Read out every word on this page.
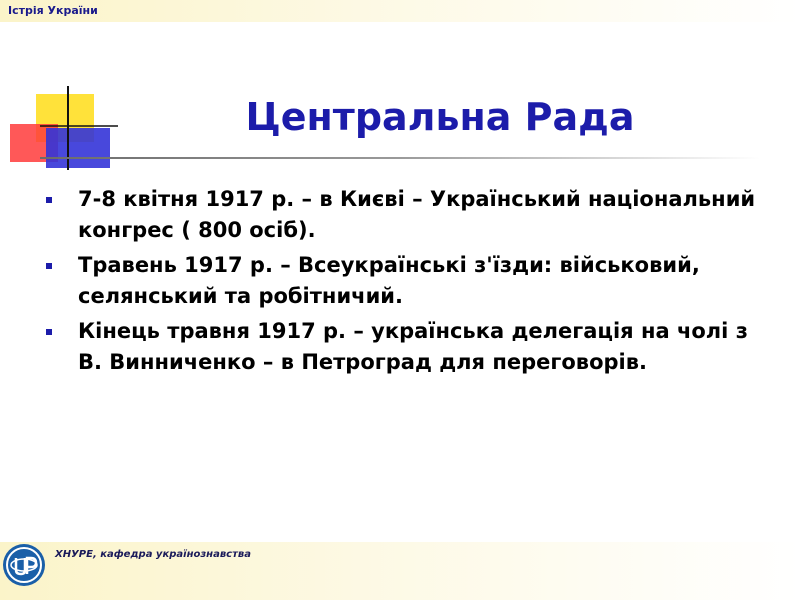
Істрія України
Центральна Рада
7-8 квітня 1917 р. – в Києві – Український національний конгрес ( 800 осіб).
Травень 1917 р. – Всеукраїнські з'їзди: військовий, селянський та робітничий.
Кінець травня 1917 р. – українська делегація на чолі з В. Винниченко – в Петроград для переговорів.
ХНУРЕ, кафедра українознавства
